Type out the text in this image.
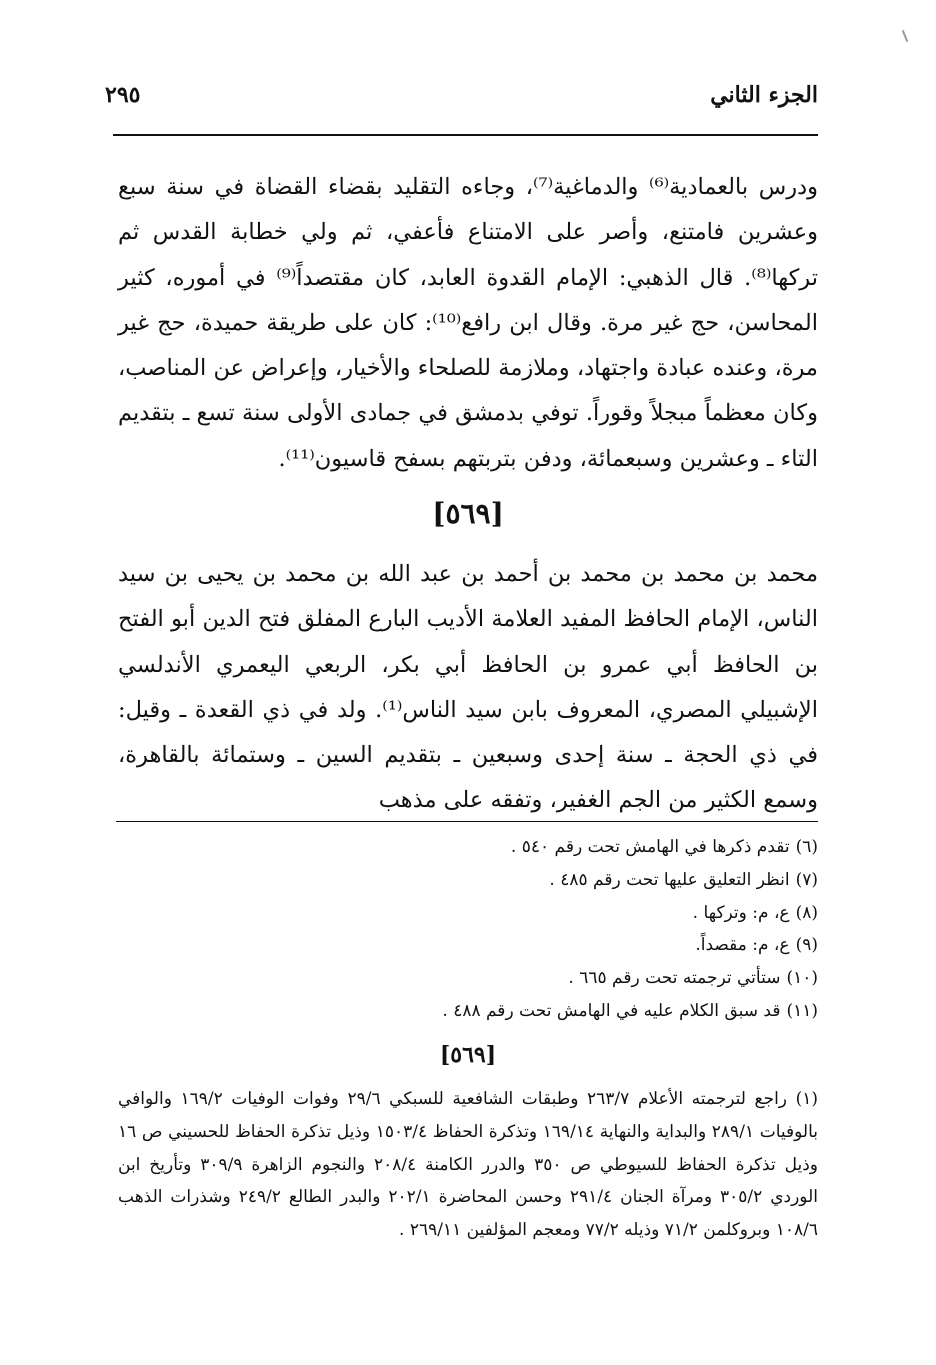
الجزء الثاني
٢٩٥
ودرس بالعمادية⁽⁶⁾ والدماغية⁽⁷⁾، وجاءه التقليد بقضاء القضاة في سنة سبع وعشرين فامتنع، وأصر على الامتناع فأعفي، ثم ولي خطابة القدس ثم تركها⁽⁸⁾. قال الذهبي: الإمام القدوة العابد، كان مقتصداً⁽⁹⁾ في أموره، كثير المحاسن، حج غير مرة. وقال ابن رافع⁽¹⁰⁾: كان على طريقة حميدة، حج غير مرة، وعنده عبادة واجتهاد، وملازمة للصلحاء والأخيار، وإعراض عن المناصب، وكان معظماً مبجلاً وقوراً. توفي بدمشق في جمادى الأولى سنة تسع ـ بتقديم التاء ـ وعشرين وسبعمائة، ودفن بتربتهم بسفح قاسيون⁽¹¹⁾.
[٥٦٩]
محمد بن محمد بن محمد بن أحمد بن عبد الله بن محمد بن يحيى بن سيد الناس، الإمام الحافظ المفيد العلامة الأديب البارع المفلق فتح الدين أبو الفتح بن الحافظ أبي عمرو بن الحافظ أبي بكر، الربعي اليعمري الأندلسي الإشبيلي المصري، المعروف بابن سيد الناس⁽¹⁾. ولد في ذي القعدة ـ وقيل: في ذي الحجة ـ سنة إحدى وسبعين ـ بتقديم السين ـ وستمائة بالقاهرة، وسمع الكثير من الجم الغفير، وتفقه على مذهب
(٦)تقدم ذكرها في الهامش تحت رقم ٥٤٠ .
(٧)انظر التعليق عليها تحت رقم ٤٨٥ .
(٨)ع، م: وتركها .
(٩)ع، م: مقصداً.
(١٠)ستأتي ترجمته تحت رقم ٦٦٥ .
(١١)قد سبق الكلام عليه في الهامش تحت رقم ٤٨٨ .
[٥٦٩]
(١) راجع لترجمته الأعلام ٢٦٣/٧ وطبقات الشافعية للسبكي ٢٩/٦ وفوات الوفيات ١٦٩/٢ والوافي بالوفيات ٢٨٩/١ والبداية والنهاية ١٦٩/١٤ وتذكرة الحفاظ ١٥٠٣/٤ وذيل تذكرة الحفاظ للحسيني ص ١٦ وذيل تذكرة الحفاظ للسيوطي ص ٣٥٠ والدرر الكامنة ٢٠٨/٤ والنجوم الزاهرة ٣٠٩/٩ وتأريخ ابن الوردي ٣٠٥/٢ ومرآة الجنان ٢٩١/٤ وحسن المحاضرة ٢٠٢/١ والبدر الطالع ٢٤٩/٢ وشذرات الذهب ١٠٨/٦ وبروكلمن ٧١/٢ وذيله ٧٧/٢ ومعجم المؤلفين ٢٦٩/١١ .
